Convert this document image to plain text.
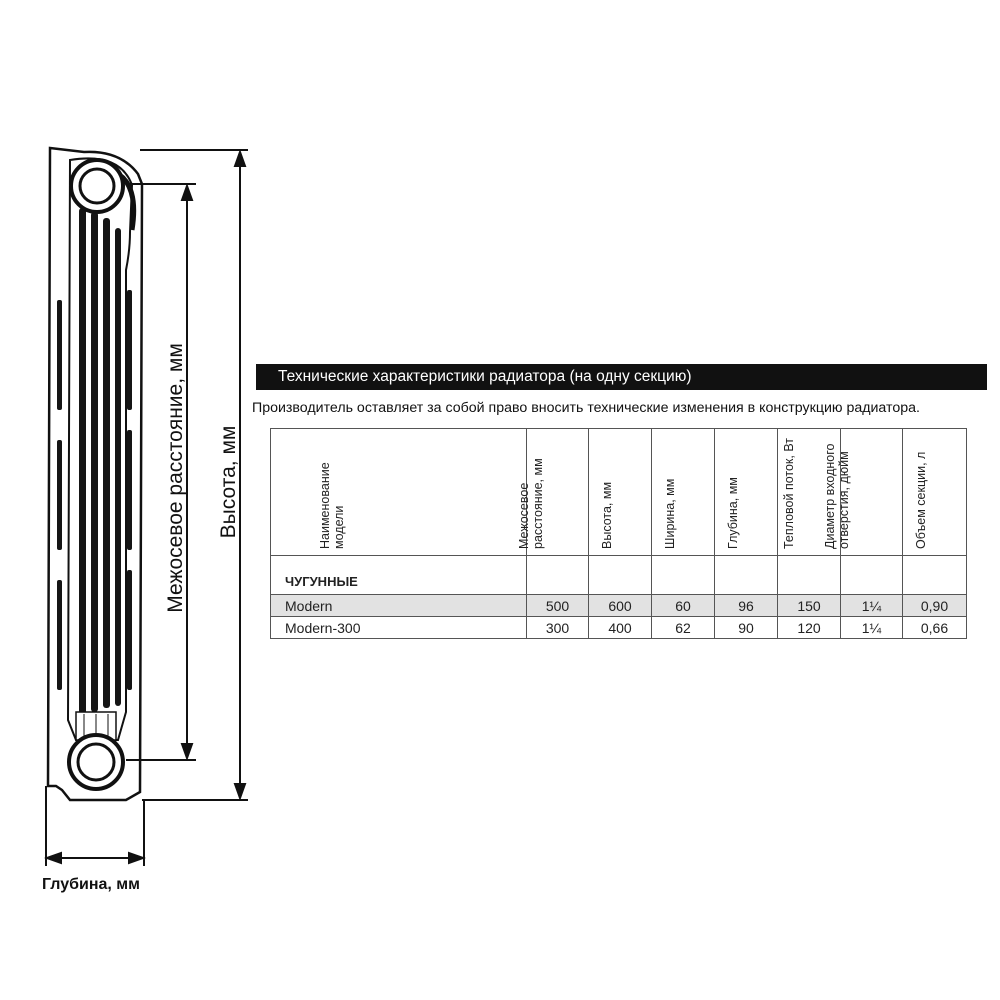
Межосевое расстояние, мм Высота, мм
Глубина, мм
Технические характеристики радиатора (на одну секцию)
Производитель оставляет за собой право вносить технические изменения в конструкцию радиатора.
Наименование модели	Межосевое расстояние, мм	Высота, мм	Ширина, мм	Глубина, мм	Тепловой поток, Вт	Диаметр входного отверстия, дюйм	Объем секции, л

ЧУГУННЫЕ							
Modern	500	600	60	96	150	1¼	0,90
Modern-300	300	400	62	90	120	1¼	0,66
